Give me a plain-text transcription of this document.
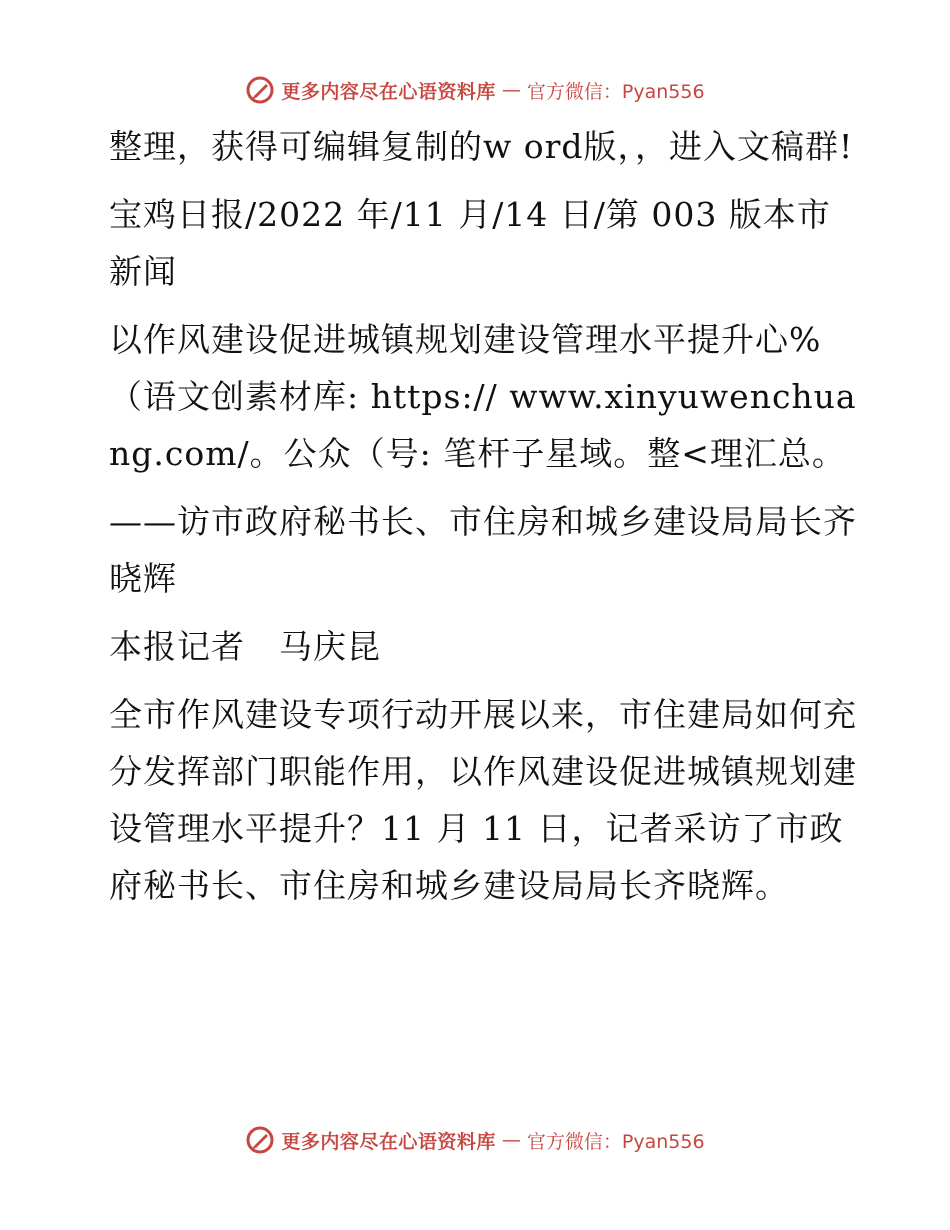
更多内容尽在心语资料库 — 官方微信：Pyan556

整理，获得可编辑复制的w ord版，，进入文稿群!

宝鸡日报/2022 年/11 月/14 日/第 003 版本市新闻

以作风建设促进城镇规划建设管理水平提升心%（语文创素材库: https:// www.xinyuwenchuang.com/。公众（号: 笔杆子星域。整<理汇总。

——访市政府秘书长、市住房和城乡建设局局长齐晓辉

本报记者　马庆昆

全市作风建设专项行动开展以来，市住建局如何充分发挥部门职能作用，以作风建设促进城镇规划建设管理水平提升？11 月 11 日，记者采访了市政府秘书长、市住房和城乡建设局局长齐晓辉。

更多内容尽在心语资料库 — 官方微信：Pyan556
